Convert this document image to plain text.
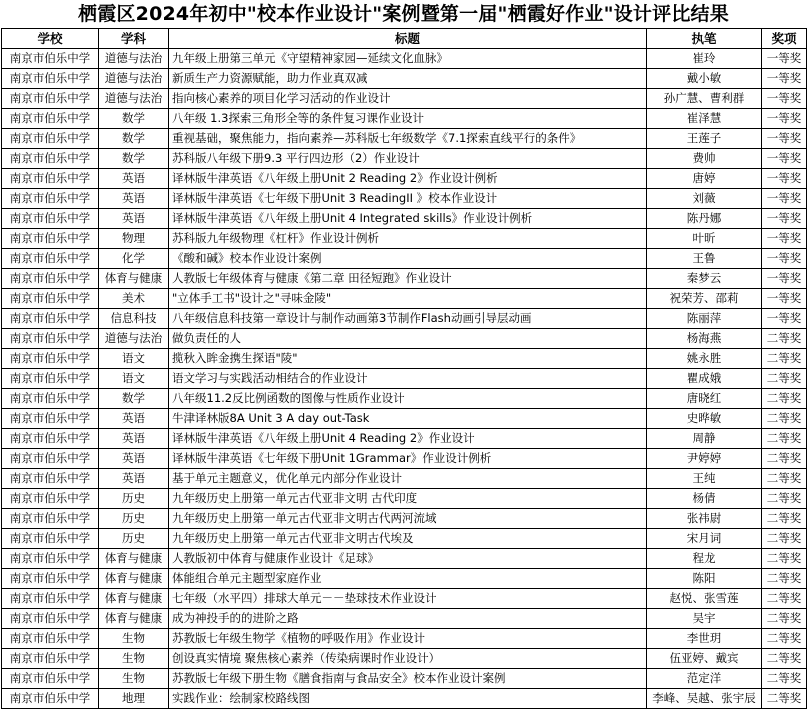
栖霞区2024年初中"校本作业设计"案例暨第一届"栖霞好作业"设计评比结果
学校	学科	标题	执笔	奖项
南京市伯乐中学	道德与法治	九年级上册第三单元《守望精神家园—延续文化血脉》	崔玲	一等奖
南京市伯乐中学	道德与法治	新质生产力资源赋能，助力作业真双减	戴小敏	一等奖
南京市伯乐中学	道德与法治	指向核心素养的项目化学习活动的作业设计	孙广慧、曹利群	一等奖
南京市伯乐中学	数学	八年级 1.3探索三角形全等的条件复习课作业设计	崔泽慧	一等奖
南京市伯乐中学	数学	重视基础，聚焦能力，指向素养—苏科版七年级数学《7.1探索直线平行的条件》	王莲子	一等奖
南京市伯乐中学	数学	苏科版八年级下册9.3 平行四边形（2）作业设计	费帅	一等奖
南京市伯乐中学	英语	译林版牛津英语《八年级上册Unit 2 Reading 2》作业设计例析	唐婷	一等奖
南京市伯乐中学	英语	译林版牛津英语《七年级下册Unit 3 ReadingII 》校本作业设计	刘薇	一等奖
南京市伯乐中学	英语	译林版牛津英语《八年级上册Unit 4 Integrated skills》作业设计例析	陈丹娜	一等奖
南京市伯乐中学	物理	苏科版九年级物理《杠杆》作业设计例析	叶昕	一等奖
南京市伯乐中学	化学	《酸和碱》校本作业设计案例	王鲁	一等奖
南京市伯乐中学	体育与健康	人教版七年级体育与健康《第二章 田径短跑》作业设计	秦梦云	一等奖
南京市伯乐中学	美术	"立体手工书"设计之"寻味金陵"	祝荣芳、邵莉	一等奖
南京市伯乐中学	信息科技	八年级信息科技第一章设计与制作动画第3节制作Flash动画引导层动画	陈丽萍	一等奖
南京市伯乐中学	道德与法治	做负责任的人	杨海燕	二等奖
南京市伯乐中学	语文	揽秋入眸金携生探语"陵"	姚永胜	二等奖
南京市伯乐中学	语文	语文学习与实践活动相结合的作业设计	瞿成娥	二等奖
南京市伯乐中学	数学	八年级11.2反比例函数的图像与性质作业设计	唐晓红	二等奖
南京市伯乐中学	英语	牛津译林版8A Unit 3 A day out-Task	史晔敏	二等奖
南京市伯乐中学	英语	译林版牛津英语《八年级上册Unit 4 Reading 2》作业设计	周静	二等奖
南京市伯乐中学	英语	译林版牛津英语《七年级下册Unit 1Grammar》作业设计例析	尹婷婷	二等奖
南京市伯乐中学	英语	基于单元主题意义，优化单元内部分作业设计	王纯	二等奖
南京市伯乐中学	历史	九年级历史上册第一单元古代亚非文明 古代印度	杨倩	二等奖
南京市伯乐中学	历史	九年级历史上册第一单元古代亚非文明古代两河流域	张祎尉	二等奖
南京市伯乐中学	历史	九年级历史上册第一单元古代亚非文明古代埃及	宋月词	二等奖
南京市伯乐中学	体育与健康	人教版初中体育与健康作业设计《足球》	程龙	二等奖
南京市伯乐中学	体育与健康	体能组合单元主题型家庭作业	陈阳	二等奖
南京市伯乐中学	体育与健康	七年级（水平四）排球大单元－－垫球技术作业设计	赵悦、张雪莲	二等奖
南京市伯乐中学	体育与健康	成为神投手的的进阶之路	吴宇	二等奖
南京市伯乐中学	生物	苏教版七年级生物学《植物的呼吸作用》作业设计	李世玥	二等奖
南京市伯乐中学	生物	创设真实情境 聚焦核心素养（传染病课时作业设计）	伍亚婷、戴宾	二等奖
南京市伯乐中学	生物	苏教版七年级下册生物《膳食指南与食品安全》校本作业设计案例	范定洋	二等奖
南京市伯乐中学	地理	实践作业：绘制家校路线图	李峰、吴越、张宇辰	二等奖
